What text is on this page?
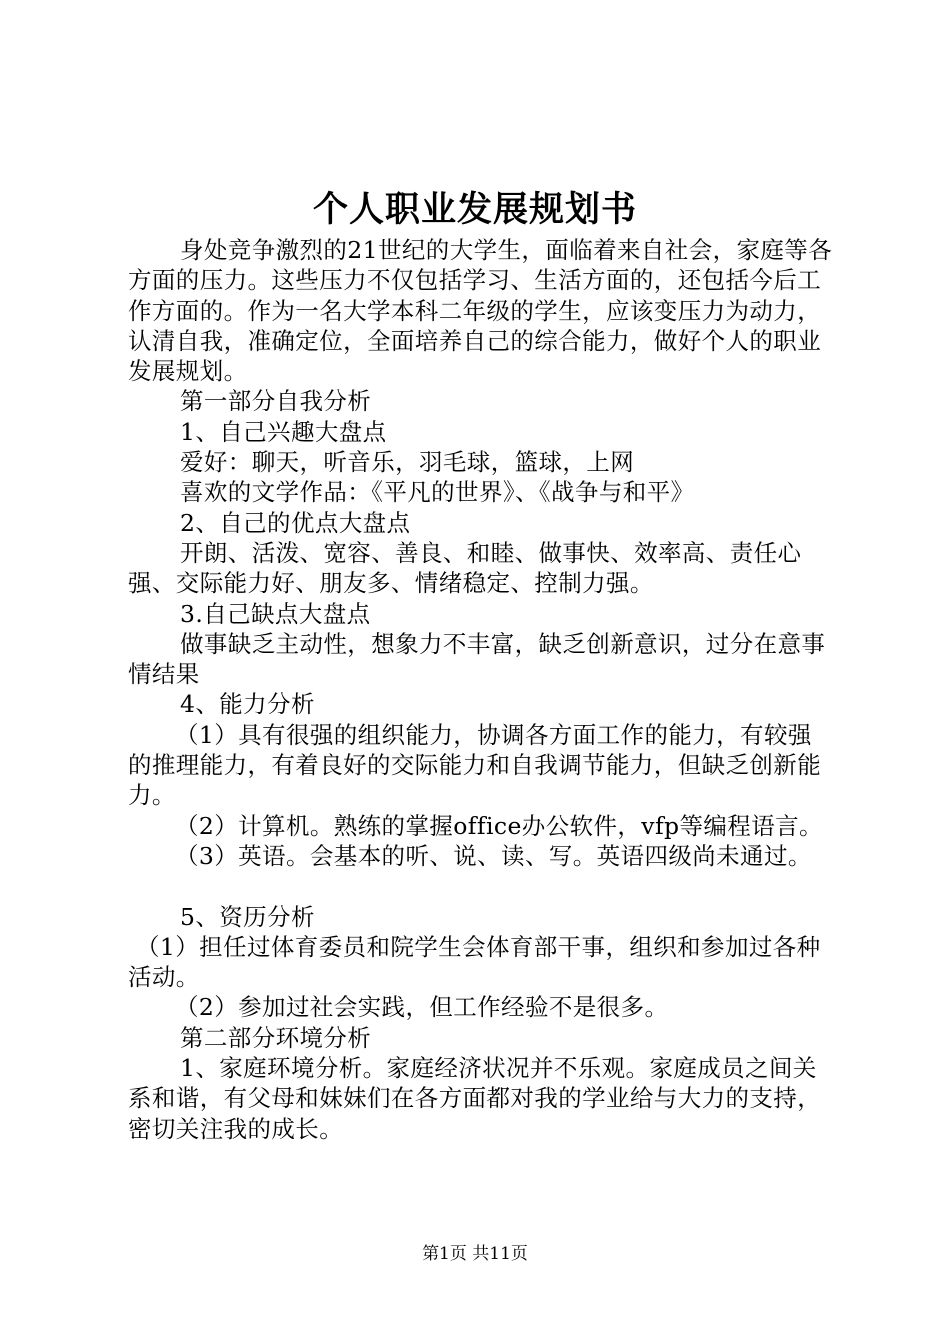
个人职业发展规划书

身处竞争激烈的21世纪的大学生，面临着来自社会，家庭等各方面的压力。这些压力不仅包括学习、生活方面的，还包括今后工作方面的。作为一名大学本科二年级的学生，应该变压力为动力，认清自我，准确定位，全面培养自己的综合能力，做好个人的职业发展规划。

第一部分自我分析

1、自己兴趣大盘点

爱好：聊天，听音乐，羽毛球，篮球，上网

喜欢的文学作品：《平凡的世界》、《战争与和平》

2、自己的优点大盘点

开朗、活泼、宽容、善良、和睦、做事快、效率高、责任心强、交际能力好、朋友多、情绪稳定、控制力强。

3.自己缺点大盘点

做事缺乏主动性，想象力不丰富，缺乏创新意识，过分在意事情结果

4、能力分析

（1）具有很强的组织能力，协调各方面工作的能力，有较强的推理能力，有着良好的交际能力和自我调节能力，但缺乏创新能力。

（2）计算机。熟练的掌握office办公软件，vfp等编程语言。

（3）英语。会基本的听、说、读、写。英语四级尚未通过。

5、资历分析

（1）担任过体育委员和院学生会体育部干事，组织和参加过各种活动。

（2）参加过社会实践，但工作经验不是很多。

第二部分环境分析

1、家庭环境分析。家庭经济状况并不乐观。家庭成员之间关系和谐，有父母和妹妹们在各方面都对我的学业给与大力的支持，密切关注我的成长。

第1页 共11页
